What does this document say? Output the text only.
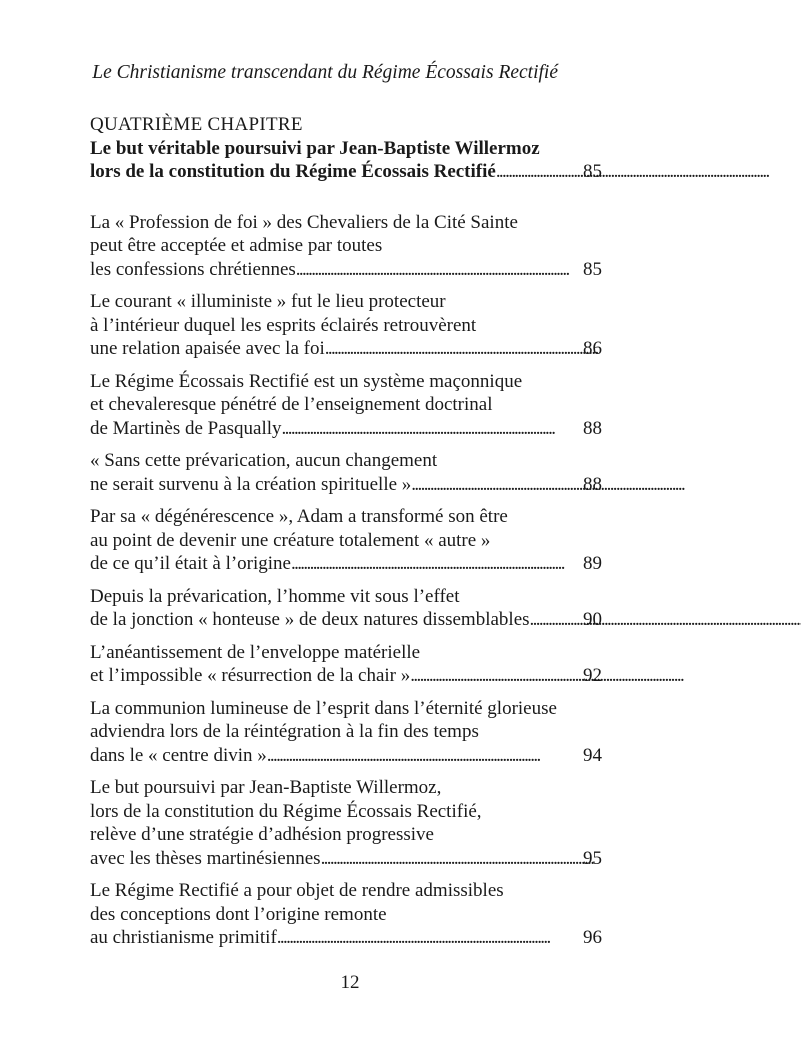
Le Christianisme transcendant du Régime Écossais Rectifié
QUATRIÈME CHAPITRE
Le but véritable poursuivi par Jean-Baptiste Willermoz
lors de la constitution du Régime Écossais Rectifié . . .	85
La « Profession de foi » des Chevaliers de la Cité Sainte
peut être acceptée et admise par toutes
les confessions chrétiennes . . .	85
Le courant « illuministe » fut le lieu protecteur
à l’intérieur duquel les esprits éclairés retrouvèrent
une relation apaisée avec la foi . . .	86
Le Régime Écossais Rectifié est un système maçonnique
et chevaleresque pénétré de l’enseignement doctrinal
de Martinès de Pasqually . . .	88
« Sans cette prévarication, aucun changement
ne serait survenu à la création spirituelle » . . .	88
Par sa « dégénérescence », Adam a transformé son être
au point de devenir une créature totalement « autre »
de ce qu’il était à l’origine . . .	89
Depuis la prévarication, l’homme vit sous l’effet
de la jonction « honteuse » de deux natures dissemblables . . .	90
L’anéantissement de l’enveloppe matérielle
et l’impossible « résurrection de la chair » . . .	92
La communion lumineuse de l’esprit dans l’éternité glorieuse
adviendra lors de la réintégration à la fin des temps
dans le « centre divin » . . .	94
Le but poursuivi par Jean-Baptiste Willermoz,
lors de la constitution du Régime Écossais Rectifié,
relève d’une stratégie d’adhésion progressive
avec les thèses martinésiennes . . .	95
Le Régime Rectifié a pour objet de rendre admissibles
des conceptions dont l’origine remonte
au christianisme primitif . . .	96
12
